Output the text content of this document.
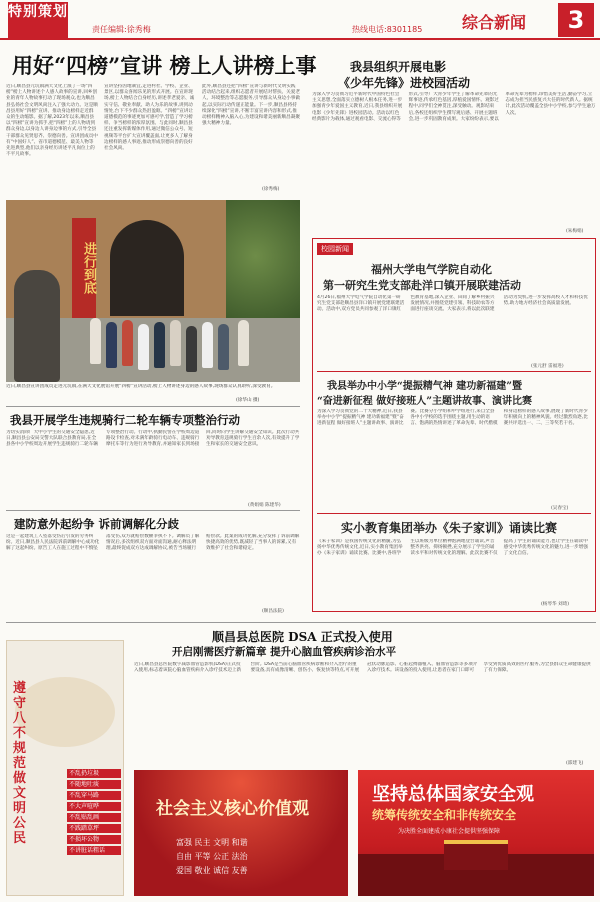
特别策划
责任编辑:徐秀梅	热线电话:8301185 综合新闻	3
用好“四榜”宣讲 榜上人讲榜上事
近日,顺昌县元坑镇满天文化上演了一场“四榜”榜上人物讲述个人感人故事的宣讲,回乡创业的青年人物故事打动了现场观众,也为顺昌县弘扬社会文明风尚注入了强大动力。这是顺昌县用好“四榜”宣讲、推动身边榜样走近群众的生动缩影。据了解,2023年以来,顺昌县以“四榜”宣讲为抓手,把“四榜”上的人物请到群众身边,以身边人讲身边事的方式,引导全县干部群众见贤思齐、崇德向善。宣讲团成员中有“中国好人”、省市道德模范、最美人物等先进典型,他们以亲身经历讲述平凡岗位上的不平凡故事。
宣讲坚持因地制宜,走进村社、学校、企业、景区,以群众喜闻乐见的形式开展。在宣讲现场,榜上人物结合自身经历,讲述孝老爱亲、诚实守信、敬业奉献、助人为乐的故事,讲到动情处,台下不少群众热泪盈眶。“四榜”宣讲让道德模范的事迹更加可感可学,营造了学习榜样、争当榜样的浓厚氛围。与此同时,顺昌县还注重发挥新媒体作用,通过微信公众号、短视频等平台扩大宣讲覆盖面,让更多人了解身边榜样的感人事迹,推动形成崇德向善的良好社会风尚。
此外,顺昌县还把“四榜”宣讲与新时代文明实践活动结合起来,组织志愿者开展结对帮扶、关爱老人、环境整治等志愿服务,引导群众从身边小事做起,以实际行动传递正能量。下一步,顺昌县将持续深化“四榜”宣讲,不断丰富宣讲内容和形式,推动榜样精神入脑入心,为建设和谐美丽新顺昌凝聚强大精神力量。
(徐秀梅)
进行到底
近日,顺昌县宣讲团成员走进元坑镇,在满天文化展馆开展“四榜”宣讲活动,榜上人物讲述身边的感人故事,现场群众认真聆听,深受教育。
(徐华山 摄)
我县组织开展电影
《少年先锋》进校园活动
为深入学习贯彻习近平新时代中国特色社会主义思想,全面落实立德树人根本任务,进一步加强青少年爱国主义教育,近日,我县组织开展电影《少年先锋》进校园活动。活动以红色经典影片为载体,通过观看电影、交流心得等形式,引导广大青少年学生了解革命先辈的光辉事迹,传承红色基因,厚植爱国情怀。观影过程中,同学们全神贯注,深受触动。观影结束后,各校还组织学生撰写观后感、开展主题班会,进一步巩固教育成果。大家纷纷表示,要以革命先辈为榜样,珍惜美好生活,勤奋学习,立志成为担当民族复兴大任的时代新人。据统计,此次活动覆盖全县中小学校,参与学生逾万人次。
(朱梅娟)
我县开展学生违规骑行二轮车辆专项整治行动
为切实消除广大中小学生的交通安全隐患,近日,顺昌县公安局交警大队联合县教育局,在全县各中小学校周边开展学生违规骑行二轮车辆专项整治行动。行动中,执勤民警在学校周边道路设卡检查,对未满年龄骑行电动车、违规骑行摩托车等行为进行劝导教育,并通知家长到场接回,同时向学生讲解交通安全知识。此次行动共劝导教育违规骑行学生百余人次,有效提升了学生和家长的交通安全意识。
(黄娟娟 陈建华)
建防意外起纷争 诉前调解化分歧
这是一起建筑工人坠落受伤后引发的劳务纠纷。近日,顺昌县人民法院诉前调解中心成功化解了这起纠纷。原告工人在施工过程中不慎坠落受伤,双方就赔偿数额争执不下。调解员了解情况后,多次组织双方面对面沟通,耐心释法明理,最终促成双方达成调解协议,被告当场履行赔偿款。此案的成功化解,充分发挥了诉前调解快捷高效的优势,既减轻了当事人的诉累,又有效维护了社会和谐稳定。
(顺昌法院)
校园新闻
福州大学电气学院自动化
第一研究生党支部赴洋口镇开展联建活动
4月26日,福州大学电气学院自动化第一研究生党支部赴顺昌县洋口镇开展党建联建活动。活动中,双方党员共同参观了洋口镇红色教育基地,深入企业、田间了解乡村振兴发展情况,并围绕党建引领、科技助农等方面进行座谈交流。大家表示,将以此次联建活动为契机,进一步发挥高校人才和科技优势,助力地方经济社会高质量发展。
(张元舒 雷福进)
我县举办中小学“提振精气神 建功新福建”暨
“奋进新征程 做好接班人”主题讲故事、演讲比赛
为深入学习贯彻党的二十大精神,近日,我县举办中小学“提振精气神 建功新福建”暨“奋进新征程 做好接班人”主题讲故事、演讲比赛。比赛分小学组和中学组进行,来自全县各中小学校的选手围绕主题,用生动的语言、饱满的热情讲述了革命先辈、时代楷模和身边榜样的感人故事,展现了新时代青少年积极向上的精神风貌。经过激烈角逐,比赛共评选出一、二、三等奖若干名。
(吴春宝)
实小教育集团举办《朱子家训》诵读比赛
《朱子家训》是我国传统文化的精髓,为弘扬中华优秀传统文化,近日,实小教育集团举办《朱子家训》诵读比赛。比赛中,各班学生以班级为单位精神饱满地登台诵读,声音整齐洪亮、抑扬顿挫,充分展示了学生的诵读水平和对传统文化的理解。此次比赛不仅提高了学生的诵读能力,也让学生在诵读中感受中华优秀传统文化的魅力,进一步增强了文化自信。
(杨琴华 刘琦)
顺昌县总医院 DSA 正式投入使用
开启刚需医疗新篇章 提升心脑血管疾病诊治水平
近日,顺昌县总医院数字减影血管造影机(DSA)正式投入使用,标志着该院心脑血管疾病介入诊疗技术迈上新台阶。DSA是当前心脑血管疾病诊断和介入治疗的重要设备,具有成像清晰、创伤小、恢复快等特点,可开展冠状动脉造影、心脏起搏器植入、脑血管造影等多项介入诊疗技术。该设备的投入使用,让患者在家门口即可享受到优质高效的医疗服务,为全县群众生命健康提供了有力保障。
(邵建飞)
遵守八不 规范 做文明公民
不乱扔垃圾
不随地吐痰
不乱穿马路
不大声喧哗
不乱贴乱画
不践踏草坪
不损坏公物
不讲脏话粗话
社会主义核心价值观
富强 民主 文明 和谐
自由 平等 公正 法治
爱国 敬业 诚信 友善
坚持总体国家安全观
统筹传统安全和非传统安全
为决胜全面建成小康社会提供坚强保障
